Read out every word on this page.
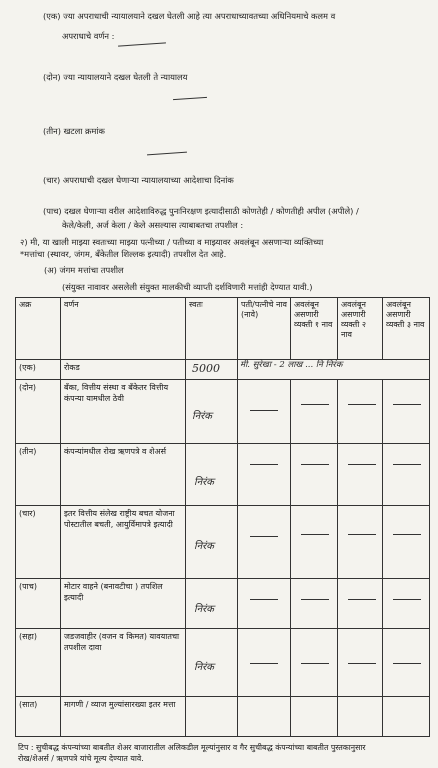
(एक) ज्या अपराधाची न्यायालयाने दखल घेतली आहे त्या अपराधाच्यावतच्या अधिनियमाचे कलम व
अपराधाचे वर्णन :
(दोन) ज्या न्यायालयाने दखल घेतली ते न्यायालय
(तीन) खटला क्रमांक
(चार) अपराधाची दखल घेणाऱ्या न्यायालयाच्या आदेशाचा दिनांक
(पाच) दखल घेणाऱ्या वरील आदेशाविरुद्ध पुनःनिरक्षण इत्यादीसाठी कोणतेही / कोणतीही अपील (अपीले) /
केले/केली, अर्ज केला / केले असल्यास त्याबाबतचा तपशील :
२) मी, या खाली माझ्या स्वतःच्या माझ्या पत्नीच्या / पतीच्या व माझ्यावर अवलंबून असणाऱ्या व्यक्तिच्या
*मत्तांचा (स्थावर, जंगम, बँकेतील शिल्लक इत्यादी) तपशील देत आहे.
(अ) जंगम मत्तांचा तपशील
(संयुक्त नावावर असलेली संयुक्त मालकीची व्याप्ती दर्शविणारी मत्तांही देण्यात यावी.)
अक्र	वर्णन	स्वतः	पती/पत्नीचे नाव (नावे)	अवलंबून असणारी व्यक्ती १ नाव	अवलंबून असणारी व्यक्ती २ नाव	अवलंबून असणारी व्यक्ती ३ नाव
(एक)	रोकड	5000	मी. सुरेखा - 2 लाख ... नि निरंक			

(दोन)	बँका, वित्तीय संस्था व बँकेतर वित्तीय कंपन्या यामधील ठेवी	निरंक				

(तीन)	कंपन्यांमधील रोख ऋणपत्रे व शेअर्स	निरंक				

(चार)	इतर वित्तीय संलेख राष्ट्रीय बचत योजना पोस्टातील बचती, आयुर्विमापत्रे इत्यादी	निरंक				

(पाच)	मोटार वाहने (बनावटीचा ) तपशिल इत्यादी	निरंक				

(सहा)	जडजवाहीर (वजन व किमत) यावयातचा तपशील दावा	निरंक				

(सात)	मागणी / व्याज मुल्यांसारख्या इतर मत्ता					
टिप : सुचीबद्ध कंपन्यांच्या बाबतीत शेअर बाजारातील अलिकडील मूल्यांनुसार व गैर सुचीबद्ध कंपन्यांच्या बाबतीत पुस्तकानुसार
रोख/शेअर्स / ऋणपत्रे यांचे मूल्य देण्यात यावे.
